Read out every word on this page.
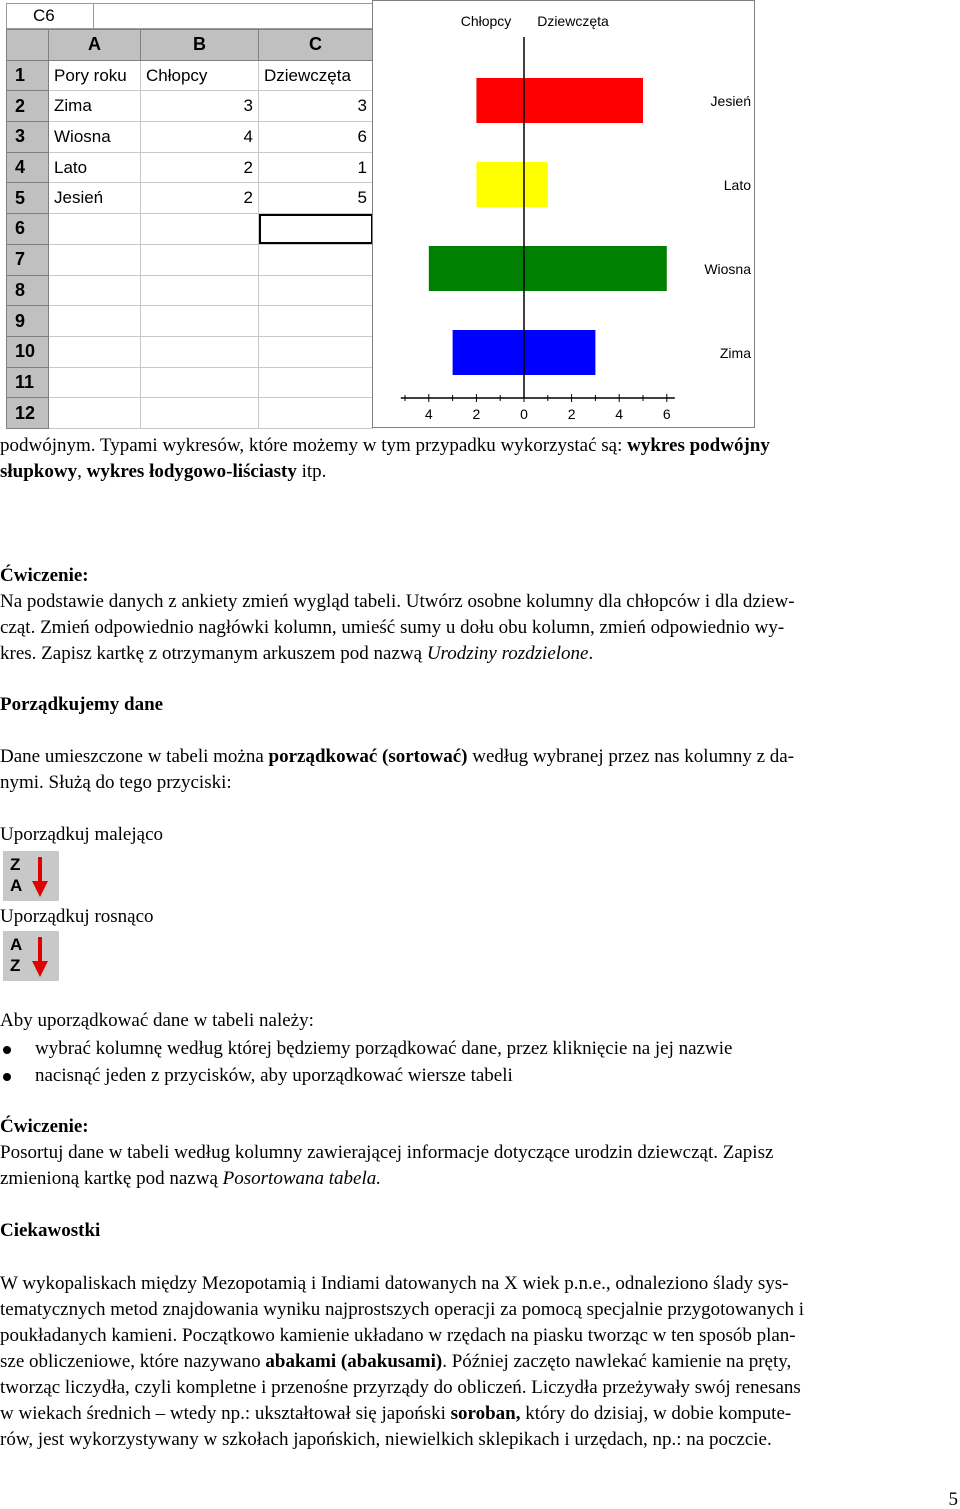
C6
	A	B	C
1	Pory roku	Chłopcy	Dziewczęta
2	Zima	3	3
3	Wiosna	4	6
4	Lato	2	1
5	Jesień	2	5
6			
7			
8			
9			
10			
11			
12			
Chłopcy Dziewczęta
Jesień
Lato
Wiosna
Zima
4	2	0	2	4	6
podwójnym. Typami wykresów, które możemy w tym przypadku wykorzystać są: wykres podwójny
słupkowy, wykres łodygowo-liściasty itp.
Ćwiczenie:
Na podstawie danych z ankiety zmień wygląd tabeli. Utwórz osobne kolumny dla chłopców i dla dziew-
cząt. Zmień odpowiednio nagłówki kolumn, umieść sumy u dołu obu kolumn, zmień odpowiednio wy-
kres. Zapisz kartkę z otrzymanym arkuszem pod nazwą Urodziny rozdzielone.
Porządkujemy dane
Dane umieszczone w tabeli można porządkować (sortować) według wybranej przez nas kolumny z da-
nymi. Służą do tego przyciski:
Uporządkuj malejąco
Z
A
Uporządkuj rosnąco
A
Z
Aby uporządkować dane w tabeli należy:
wybrać kolumnę według której będziemy porządkować dane, przez kliknięcie na jej nazwie
nacisnąć jeden z przycisków, aby uporządkować wiersze tabeli
Ćwiczenie:
Posortuj dane w tabeli według kolumny zawierającej informacje dotyczące urodzin dziewcząt. Zapisz
zmienioną kartkę pod nazwą Posortowana tabela.
Ciekawostki
W wykopaliskach między Mezopotamią i Indiami datowanych na X wiek p.n.e., odnaleziono ślady sys-
tematycznych metod znajdowania wyniku najprostszych operacji za pomocą specjalnie przygotowanych i
poukładanych kamieni. Początkowo kamienie układano w rzędach na piasku tworząc w ten sposób plan-
sze obliczeniowe, które nazywano abakami (abakusami). Później zaczęto nawlekać kamienie na pręty,
tworząc liczydła, czyli kompletne i przenośne przyrządy do obliczeń. Liczydła przeżywały swój renesans
w wiekach średnich – wtedy np.: ukształtował się japoński soroban, który do dzisiaj, w dobie kompute-
rów, jest wykorzystywany w szkołach japońskich, niewielkich sklepikach i urzędach, np.: na poczcie.
5
